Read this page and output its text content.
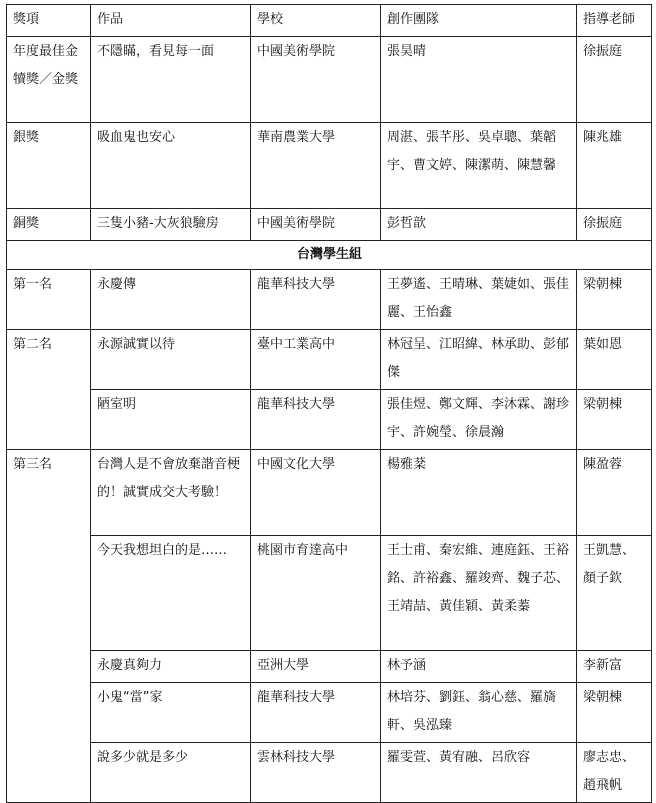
獎項	作品	學校	創作團隊	指導老師
年度最佳金犢獎／金獎	不隱瞞，看見每一面	中國美術學院	張昊晴	徐振庭
銀獎	吸血鬼也安心	華南農業大學	周湛、張芊彤、吳卓聰、葉韜宇、曹文婷、陳潔萌、陳慧馨	陳兆雄
銅獎	三隻小豬-大灰狼驗房	中國美術學院	彭哲歆	徐振庭
台灣學生組				
第一名	永慶傳	龍華科技大學	王夢遙、王晴琳、葉婕如、張佳麗、王怡鑫	梁朝棟
第二名	永源誠實以待	臺中工業高中	林冠呈、江昭緯、林承助、彭郁傑	葉如恩
	陋室明	龍華科技大學	張佳煜、鄭文輝、李沐霖、謝珍宇、許婉瑩、徐晨瀚	梁朝棟
第三名	台灣人是不會放棄諧音梗的！誠實成交大考驗！	中國文化大學	楊雅棻	陳盈蓉
	今天我想坦白的是……	桃園市育達高中	王士甫、秦宏維、連庭鈺、王裕銘、許裕鑫、羅竣齊、魏子芯、王靖喆、黃佳穎、黃柔蓁	王凱慧、顏子欽
	永慶真夠力	亞洲大學	林予涵	李新富
	小鬼“當”家	龍華科技大學	林培芬、劉鈺、翁心慈、羅旖軒、吳泓臻	梁朝棟
	說多少就是多少	雲林科技大學	羅雯萱、黃宥融、呂欣容	廖志忠、趙飛帆
